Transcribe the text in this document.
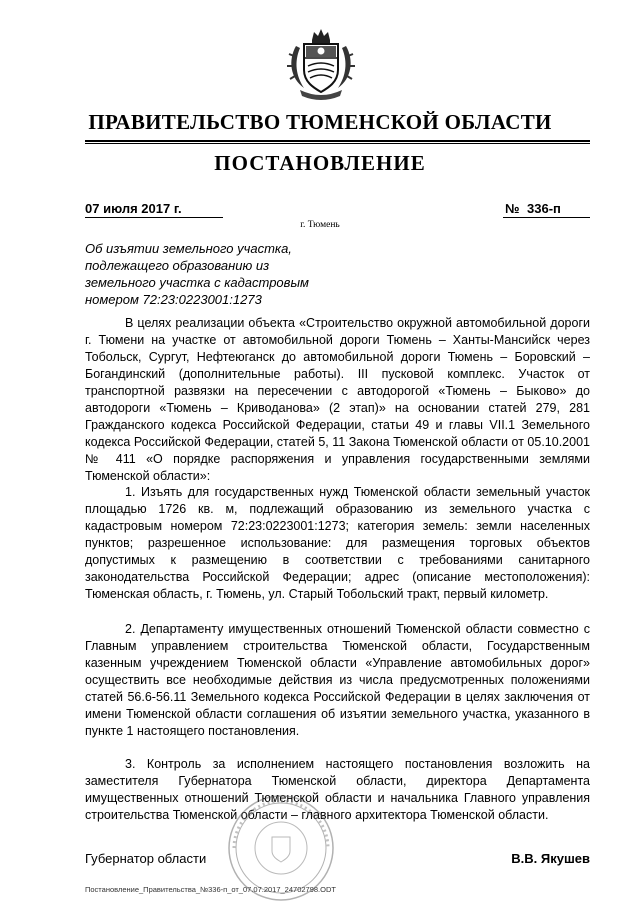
ПРАВИТЕЛЬСТВО ТЮМЕНСКОЙ ОБЛАСТИ
ПОСТАНОВЛЕНИЕ
07 июля 2017 г.	№ 336-п
г. Тюмень
Об изъятии земельного участка,
подлежащего образованию из
земельного участка с кадастровым
номером 72:23:0223001:1273
В целях реализации объекта «Строительство окружной автомобильной дороги г. Тюмени на участке от автомобильной дороги Тюмень – Ханты-Мансийск через Тобольск, Сургут, Нефтеюганск до автомобильной дороги Тюмень – Боровский – Богандинский (дополнительные работы). III пусковой комплекс. Участок от транспортной развязки на пересечении с автодорогой «Тюмень – Быково» до автодороги «Тюмень – Криводанова» (2 этап)» на основании статей 279, 281 Гражданского кодекса Российской Федерации, статьи 49 и главы VII.1 Земельного кодекса Российской Федерации, статей 5, 11 Закона Тюменской области от 05.10.2001 № 411 «О порядке распоряжения и управления государственными землями Тюменской области»:
1. Изъять для государственных нужд Тюменской области земельный участок площадью 1726 кв. м, подлежащий образованию из земельного участка с кадастровым номером 72:23:0223001:1273; категория земель: земли населенных пунктов; разрешенное использование: для размещения торговых объектов допустимых к размещению в соответствии с требованиями санитарного законодательства Российской Федерации; адрес (описание местоположения): Тюменская область, г. Тюмень, ул. Старый Тобольский тракт, первый километр.
2. Департаменту имущественных отношений Тюменской области совместно с Главным управлением строительства Тюменской области, Государственным казенным учреждением Тюменской области «Управление автомобильных дорог» осуществить все необходимые действия из числа предусмотренных положениями статей 56.6-56.11 Земельного кодекса Российской Федерации в целях заключения от имени Тюменской области соглашения об изъятии земельного участка, указанного в пункте 1 настоящего постановления.
3. Контроль за исполнением настоящего постановления возложить на заместителя Губернатора Тюменской области, директора Департамента имущественных отношений Тюменской области и начальника Главного управления строительства Тюменской области – главного архитектора Тюменской области.
Губернатор области	В.В. Якушев
Постановление_Правительства_№336-п_от_07.07.2017_24702798.ODT
